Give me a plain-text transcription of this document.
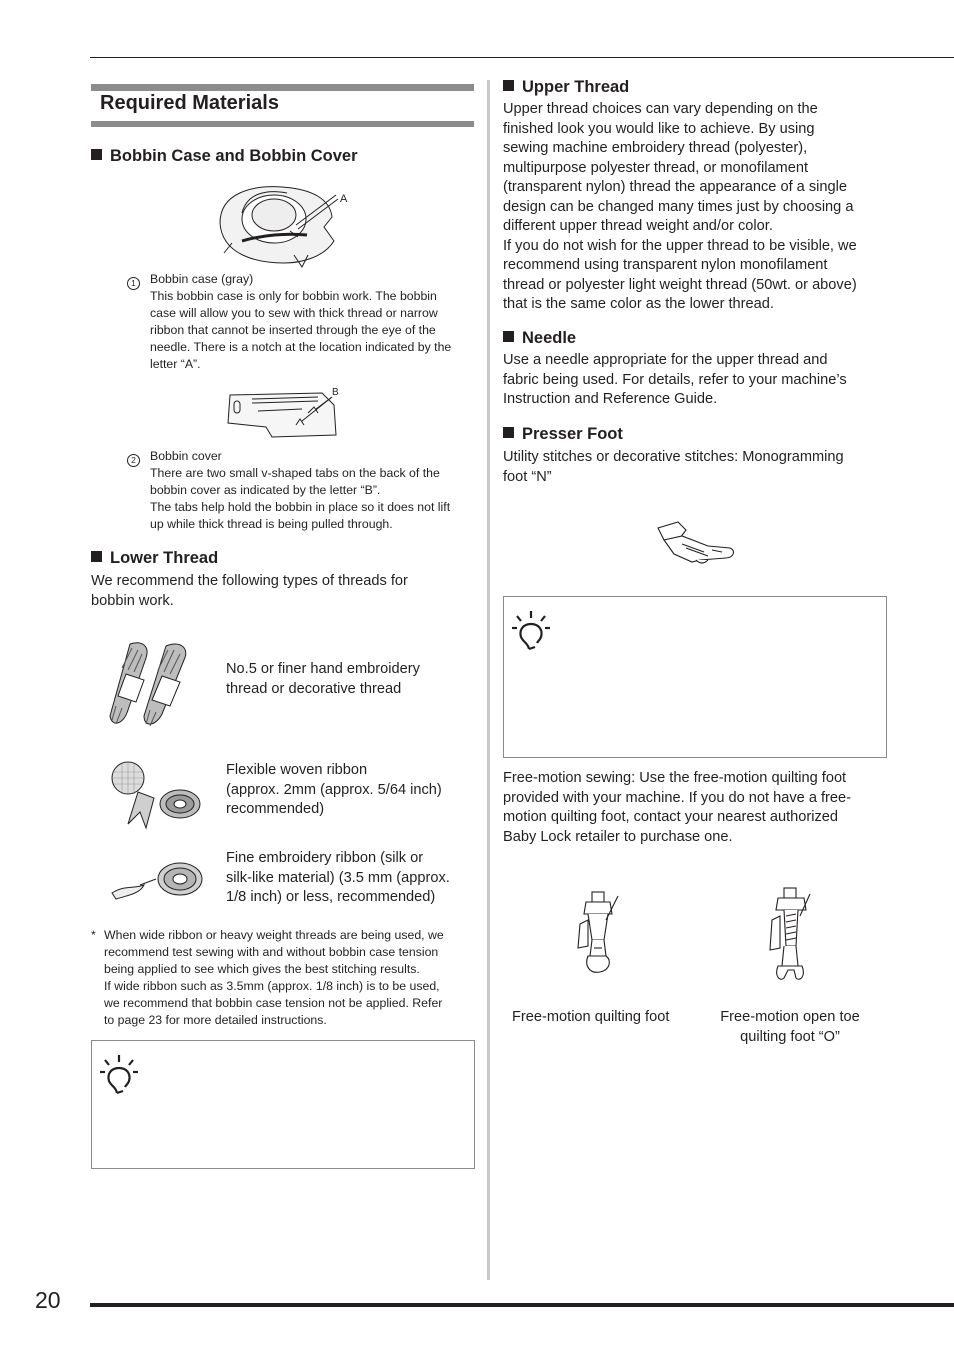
Required Materials
Bobbin Case and Bobbin Cover
A
1	Bobbin case (gray)
This bobbin case is only for bobbin work. The bobbin
case will allow you to sew with thick thread or narrow
ribbon that cannot be inserted through the eye of the
needle. There is a notch at the location indicated by the
letter “A”.
B
2	Bobbin cover
There are two small v-shaped tabs on the back of the
bobbin cover as indicated by the letter “B”.
The tabs help hold the bobbin in place so it does not lift
up while thick thread is being pulled through.
Lower Thread
We recommend the following types of threads for
bobbin work.
No.5 or finer hand embroidery
thread or decorative thread
Flexible woven ribbon
(approx. 2mm (approx. 5/64 inch)
recommended)
Fine embroidery ribbon (silk or
silk-like material) (3.5 mm (approx.
1/8 inch) or less, recommended)
* When wide ribbon or heavy weight threads are being used, we
recommend test sewing with and without bobbin case tension
being applied to see which gives the best stitching results.
If wide ribbon such as 3.5mm (approx. 1/8 inch) is to be used,
we recommend that bobbin case tension not be applied. Refer
to page 23 for more detailed instructions.
Upper Thread
Upper thread choices can vary depending on the
finished look you would like to achieve. By using
sewing machine embroidery thread (polyester),
multipurpose polyester thread, or monofilament
(transparent nylon) thread the appearance of a single
design can be changed many times just by choosing a
different upper thread weight and/or color.
If you do not wish for the upper thread to be visible, we
recommend using transparent nylon monofilament
thread or polyester light weight thread (50wt. or above)
that is the same color as the lower thread.
Needle
Use a needle appropriate for the upper thread and
fabric being used. For details, refer to your machine’s
Instruction and Reference Guide.
Presser Foot
Utility stitches or decorative stitches: Monogramming
foot “N”
Free-motion sewing: Use the free-motion quilting foot
provided with your machine. If you do not have a free-
motion quilting foot, contact your nearest authorized
Baby Lock retailer to purchase one.
Free-motion quilting foot	Free-motion open toe
quilting foot “O”
20
